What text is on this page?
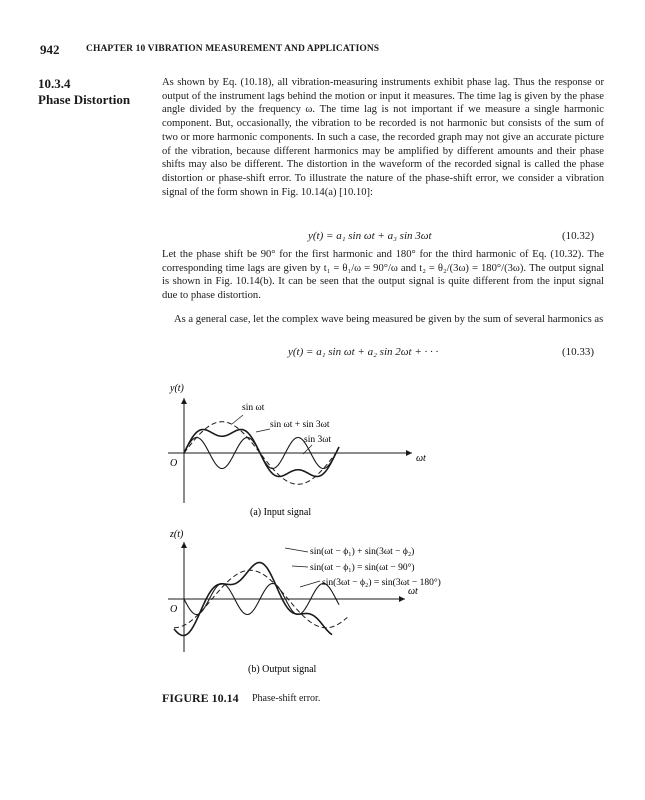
942	CHAPTER 10 VIBRATION MEASUREMENT AND APPLICATIONS
10.3.4
Phase Distortion
As shown by Eq. (10.18), all vibration-measuring instruments exhibit phase lag. Thus the response or output of the instrument lags behind the motion or input it measures. The time lag is given by the phase angle divided by the frequency ω. The time lag is not important if we measure a single harmonic component. But, occasionally, the vibration to be recorded is not harmonic but consists of the sum of two or more harmonic components. In such a case, the recorded graph may not give an accurate picture of the vibration, because different harmonics may be amplified by different amounts and their phase shifts may also be different. The distortion in the waveform of the recorded signal is called the phase distortion or phase-shift error. To illustrate the nature of the phase-shift error, we consider a vibration signal of the form shown in Fig. 10.14(a) [10.10]:
y(t) = a₁ sin ωt + a₃ sin 3ωt	(10.32)
Let the phase shift be 90° for the first harmonic and 180° for the third harmonic of Eq. (10.32). The corresponding time lags are given by t₁ = θ₁/ω = 90°/ω and t₂ = θ₂/(3ω) = 180°/(3ω). The output signal is shown in Fig. 10.14(b). It can be seen that the output signal is quite different from the input signal due to phase distortion.
As a general case, let the complex wave being measured be given by the sum of several harmonics as
y(t) = a₁ sin ωt + a₂ sin 2ωt + · · ·	(10.33)
y(t)
O	ωt
sin ωt
sin ωt + sin 3ωt
sin 3ωt
(a) Input signal
z(t)
O
ωt
sin(ωt − ϕ₁) + sin(3ωt − ϕ₂)
sin(ωt − ϕ₁) = sin(ωt − 90°)
sin(3ωt − ϕ₂) = sin(3ωt − 180°)
(b) Output signal
FIGURE 10.14 Phase-shift error.
